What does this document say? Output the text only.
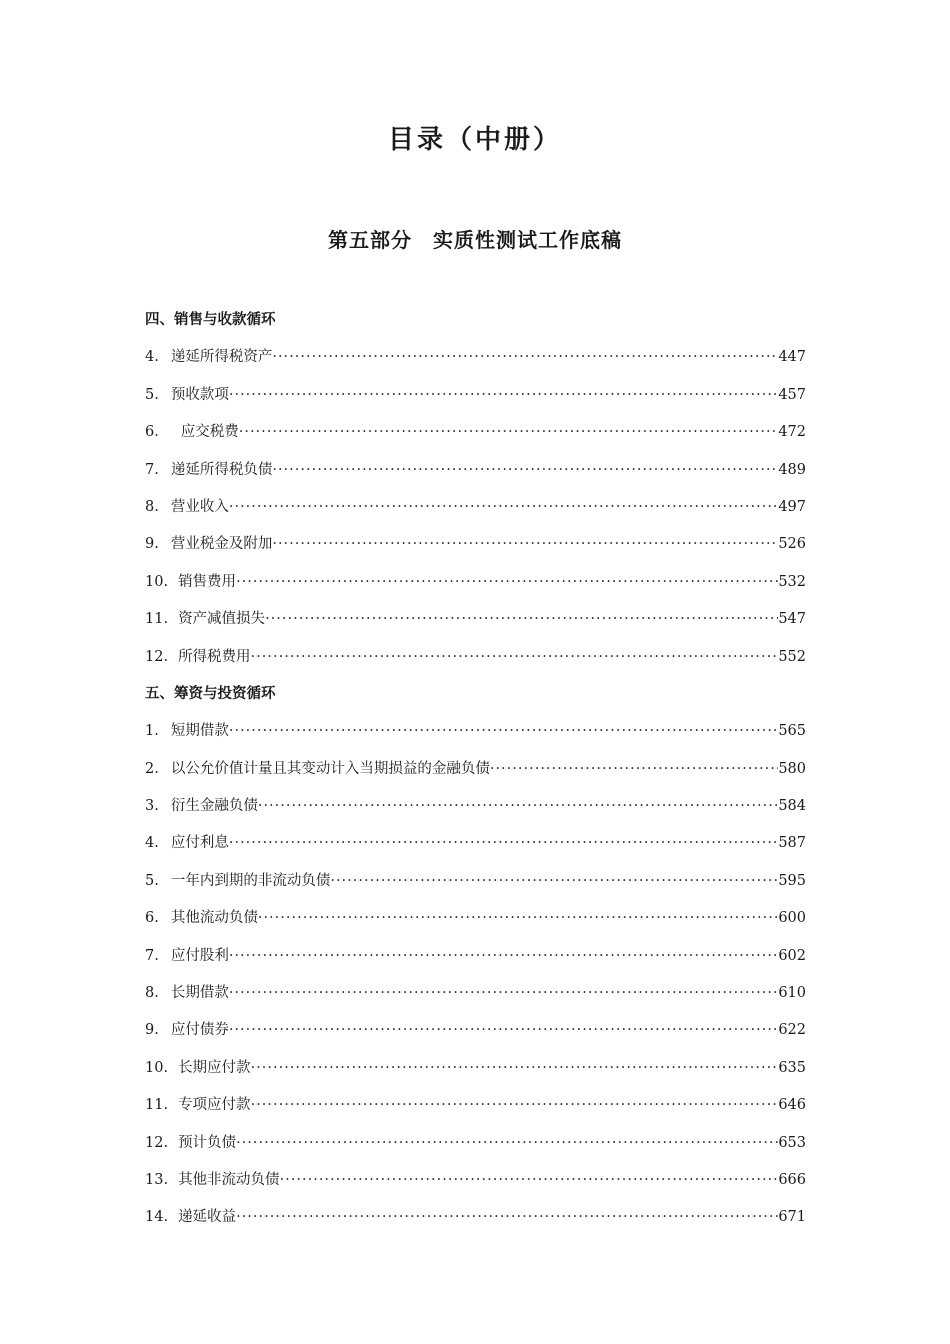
目录（中册）
第五部分　实质性测试工作底稿
四、销售与收款循环
4. 递延所得税资产 ·····	447
5. 预收款项 ·····	457
6． 应交税费 ·····	472
7. 递延所得税负债 ·····	489
8. 营业收入 ·····	497
9. 营业税金及附加 ·····	526
10. 销售费用 ·····	532
11. 资产减值损失 ·····	547
12. 所得税费用 ·····	552
五、筹资与投资循环
1. 短期借款 ·····	565
2. 以公允价值计量且其变动计入当期损益的金融负债 ·····	580
3. 衍生金融负债 ·····	584
4. 应付利息 ·····	587
5. 一年内到期的非流动负债 ·····	595
6. 其他流动负债 ·····	600
7. 应付股利 ·····	602
8. 长期借款 ·····	610
9. 应付债券 ·····	622
10. 长期应付款 ·····	635
11. 专项应付款 ·····	646
12. 预计负债 ·····	653
13. 其他非流动负债 ·····	666
14. 递延收益 ·····	671
